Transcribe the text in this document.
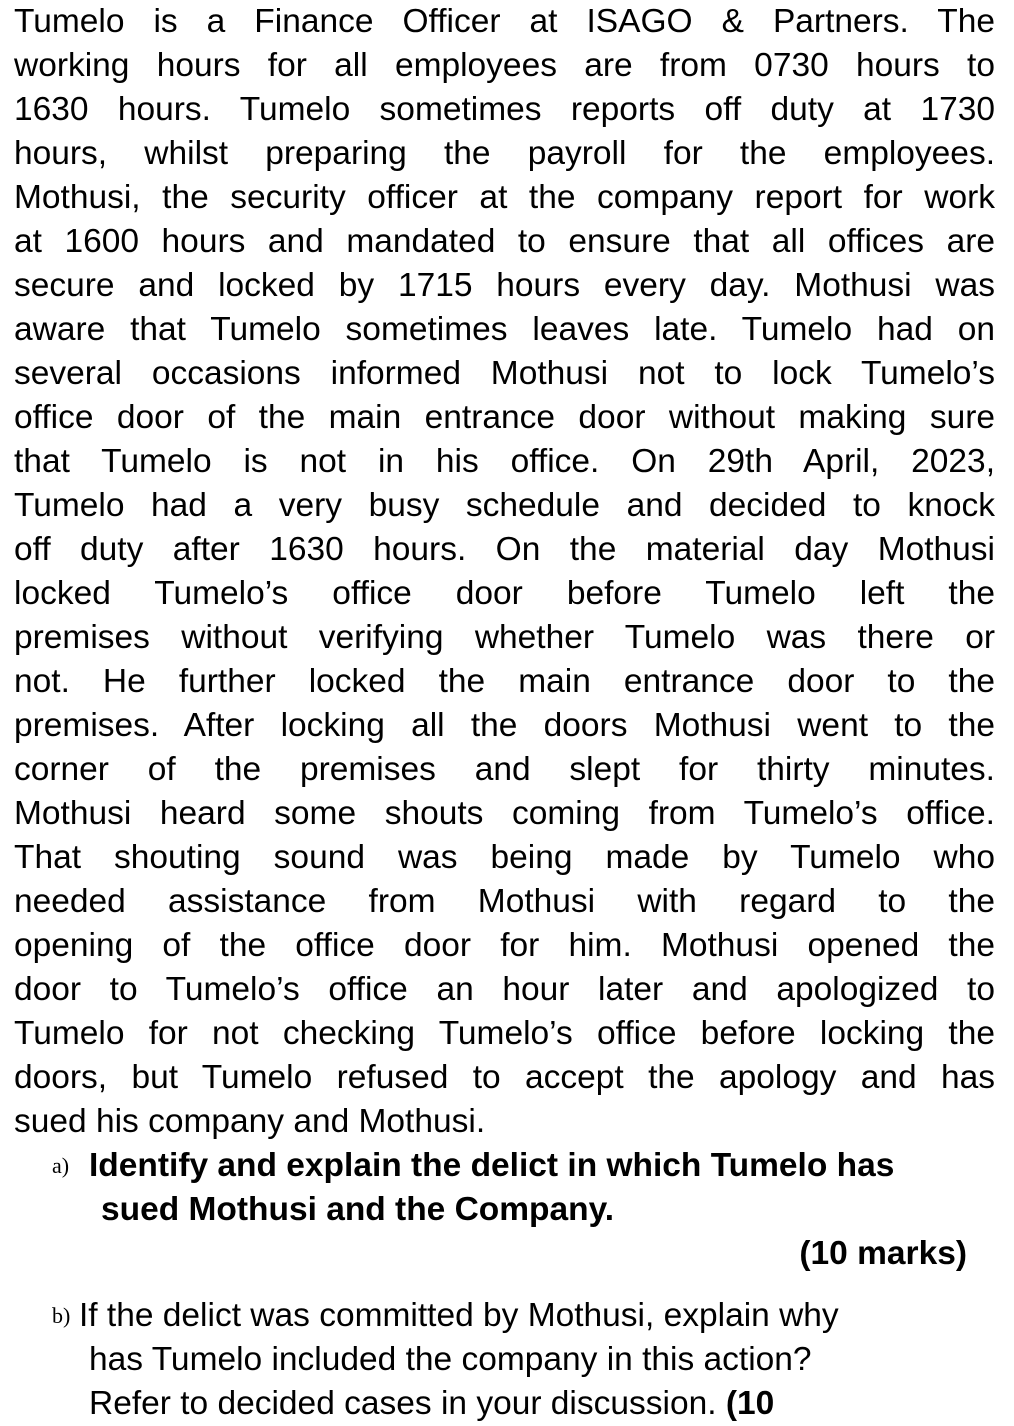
Tumelo is a Finance Officer at ISAGO & Partners. The
working hours for all employees are from 0730 hours to
1630 hours. Tumelo sometimes reports off duty at 1730
hours, whilst preparing the payroll for the employees.
Mothusi, the security officer at the company report for work
at 1600 hours and mandated to ensure that all offices are
secure and locked by 1715 hours every day. Mothusi was
aware that Tumelo sometimes leaves late. Tumelo had on
several occasions informed Mothusi not to lock Tumelo’s
office door of the main entrance door without making sure
that Tumelo is not in his office. On 29th April, 2023,
Tumelo had a very busy schedule and decided to knock
off duty after 1630 hours. On the material day Mothusi
locked Tumelo’s office door before Tumelo left the
premises without verifying whether Tumelo was there or
not. He further locked the main entrance door to the
premises. After locking all the doors Mothusi went to the
corner of the premises and slept for thirty minutes.
Mothusi heard some shouts coming from Tumelo’s office.
That shouting sound was being made by Tumelo who
needed assistance from Mothusi with regard to the
opening of the office door for him. Mothusi opened the
door to Tumelo’s office an hour later and apologized to
Tumelo for not checking Tumelo’s office before locking the
doors, but Tumelo refused to accept the apology and has
sued his company and Mothusi.
a) Identify and explain the delict in which Tumelo has
sued Mothusi and the Company.
(10 marks)
b) If the delict was committed by Mothusi, explain why
has Tumelo included the company in this action?
Refer to decided cases in your discussion. (10
